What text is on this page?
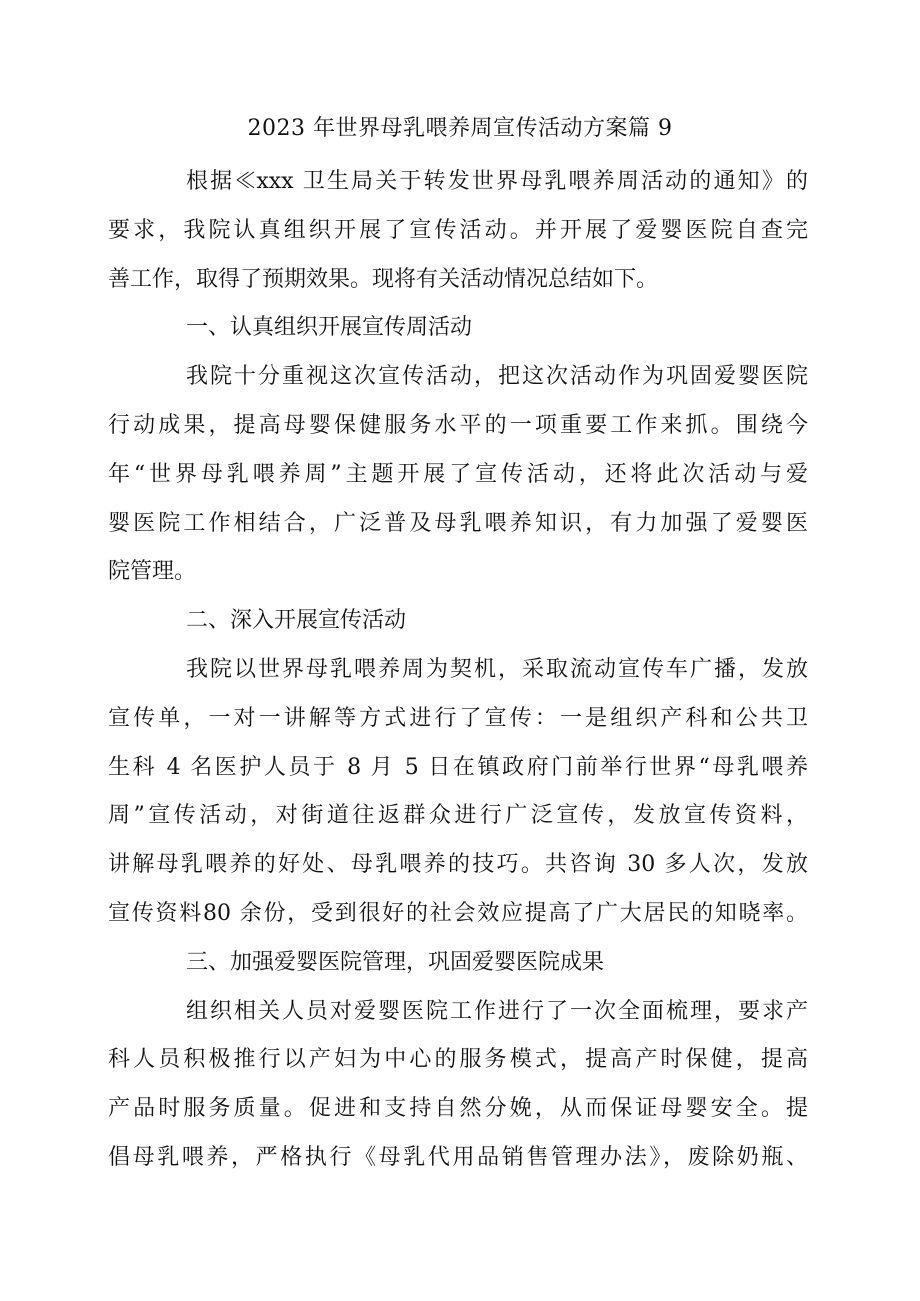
2023 年世界母乳喂养周宣传活动方案篇 9
根据≪xxx 卫生局关于转发世界母乳喂养周活动的通知》的
要求，我院认真组织开展了宣传活动。并开展了爱婴医院自查完
善工作，取得了预期效果。现将有关活动情况总结如下。
一、认真组织开展宣传周活动
我院十分重视这次宣传活动，把这次活动作为巩固爱婴医院
行动成果，提高母婴保健服务水平的一项重要工作来抓。围绕今
年“世界母乳喂养周”主题开展了宣传活动，还将此次活动与爱
婴医院工作相结合，广泛普及母乳喂养知识，有力加强了爱婴医
院管理。
二、深入开展宣传活动
我院以世界母乳喂养周为契机，采取流动宣传车广播，发放
宣传单，一对一讲解等方式进行了宣传：一是组织产科和公共卫
生科 4 名医护人员于 8 月 5 日在镇政府门前举行世界“母乳喂养
周”宣传活动，对街道往返群众进行广泛宣传，发放宣传资料，
讲解母乳喂养的好处、母乳喂养的技巧。共咨询 30 多人次，发放
宣传资料80 余份，受到很好的社会效应提高了广大居民的知晓率。
三、加强爱婴医院管理，巩固爱婴医院成果
组织相关人员对爱婴医院工作进行了一次全面梳理，要求产
科人员积极推行以产妇为中心的服务模式，提高产时保健，提高
产品时服务质量。促进和支持自然分娩，从而保证母婴安全。提
倡母乳喂养，严格执行《母乳代用品销售管理办法》，废除奶瓶、
